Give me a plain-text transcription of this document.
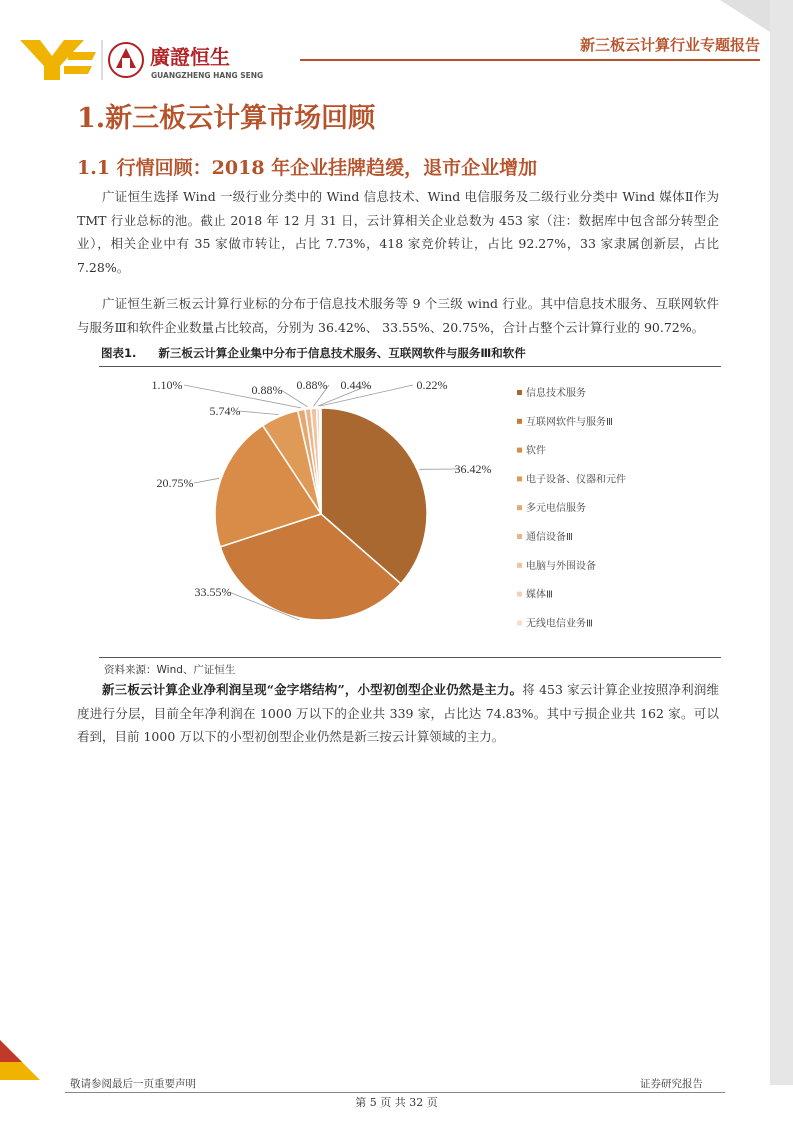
廣證恒生
GUANGZHENG HANG SENG
新三板云计算行业专题报告
1.新三板云计算市场回顾
1.1 行情回顾：2018 年企业挂牌趋缓，退市企业增加

广证恒生选择 Wind 一级行业分类中的 Wind 信息技术、Wind 电信服务及二级行业分类中 Wind 媒体Ⅱ作为 TMT 行业总标的池。截止 2018 年 12 月 31 日，云计算相关企业总数为 453 家（注：数据库中包含部分转型企业），相关企业中有 35 家做市转让，占比 7.73%，418 家竞价转让，占比 92.27%，33 家隶属创新层，占比 7.28%。

广证恒生新三板云计算行业标的分布于信息技术服务等 9 个三级 wind 行业。其中信息技术服务、互联网软件与服务Ⅲ和软件企业数量占比较高，分别为 36.42%、 33.55%、20.75%，合计占整个云计算行业的 90.72%。

图表1. 新三板云计算企业集中分布于信息技术服务、互联网软件与服务Ⅲ和软件
36.42%
33.55%
20.75%
5.74%
1.10%	0.88% 0.88% 0.44%	0.22%
信息技术服务
互联网软件与服务Ⅲ
软件
电子设备、仪器和元件
多元电信服务
通信设备Ⅲ
电脑与外围设备
媒体Ⅲ
无线电信业务Ⅲ
资料来源：Wind、广证恒生

新三板云计算企业净利润呈现“金字塔结构”，小型初创型企业仍然是主力。将 453 家云计算企业按照净利润维度进行分层，目前全年净利润在 1000 万以下的企业共 339 家，占比达 74.83%。其中亏损企业共 162 家。可以看到，目前 1000 万以下的小型初创型企业仍然是新三按云计算领域的主力。

敬请参阅最后一页重要声明	证券研究报告
第 5 页 共 32 页
